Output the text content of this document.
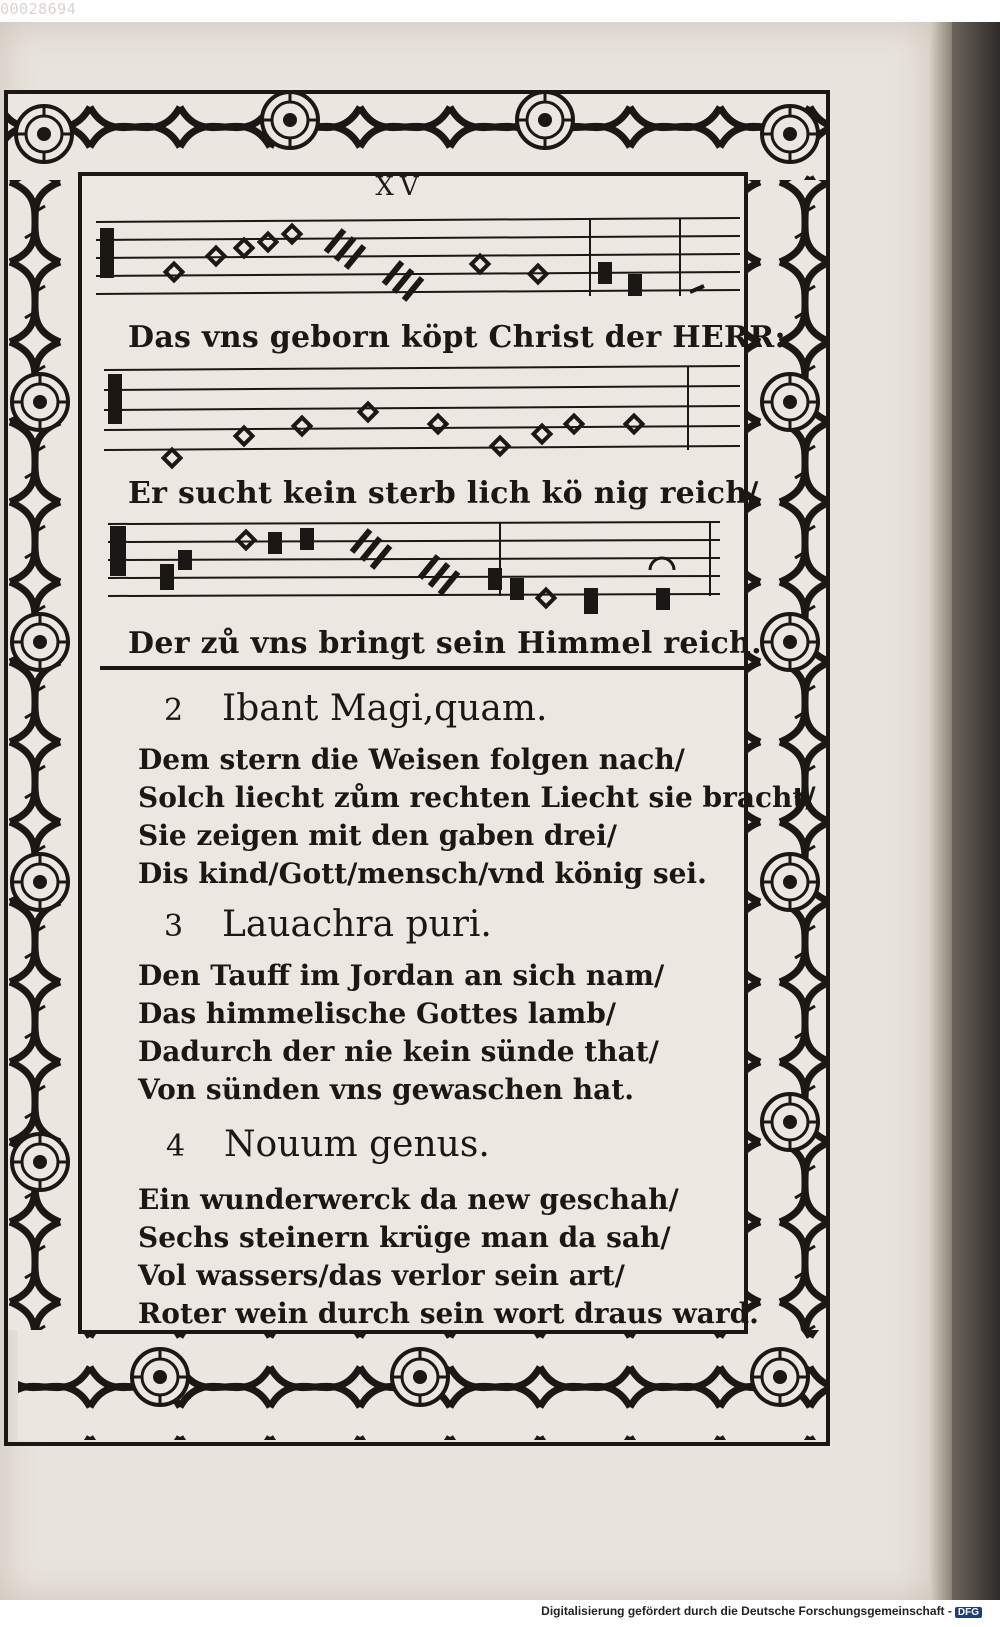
00028694
XV
Das vns geborn köpt Christ der HERR:
Er sucht kein sterb lich kö nig reich/
Der zů vns bringt sein Himmel reich.
2 Ibant Magi,quam.
Dem stern die Weisen folgen nach/
Solch liecht zům rechten Liecht sie bracht/
Sie zeigen mit den gaben drei/
Dis kind/Gott/mensch/vnd könig sei.
3 Lauachra puri.
Den Tauff im Jordan an sich nam/
Das himmelische Gottes lamb/
Dadurch der nie kein sünde that/
Von sünden vns gewaschen hat.
4 Nouum genus.
Ein wunderwerck da new geschah/
Sechs steinern krüge man da sah/
Vol wassers/das verlor sein art/
Roter wein durch sein wort draus ward.
Digitalisierung gefördert durch die Deutsche Forschungsgemeinschaft - DFG
